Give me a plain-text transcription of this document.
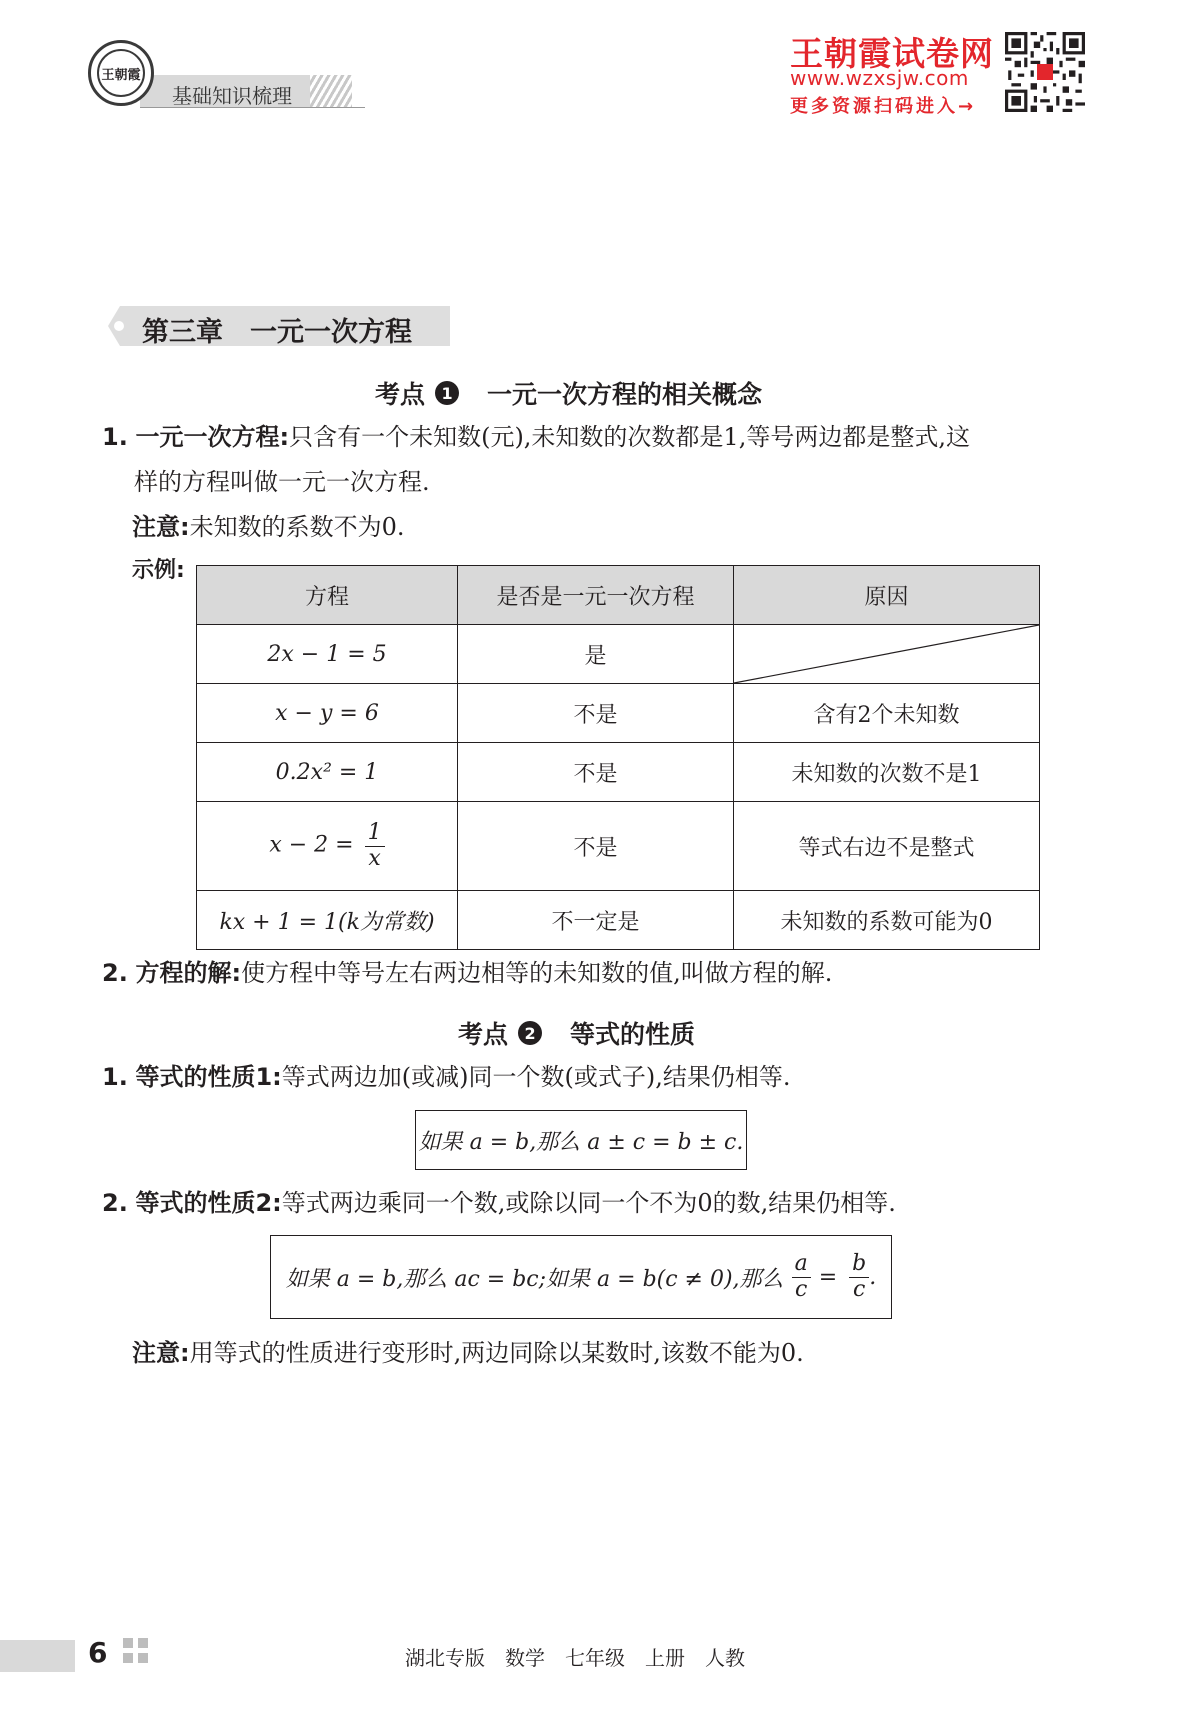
王朝霞
基础知识梳理
王朝霞试卷网
www.wzxsjw.com
更多资源扫码进入→
第三章　一元一次方程
考点	1 一元一次方程的相关概念
1. 一元一次方程:只含有一个未知数(元),未知数的次数都是1,等号两边都是整式,这
样的方程叫做一元一次方程.
注意:未知数的系数不为0.
示例:
方程	是否是一元一次方程	原因
2x − 1 = 5	是	

x − y = 6	不是	含有2个未知数
0.2x² = 1	不是	未知数的次数不是1
$x - 2 = \frac{1}{x}$	不是	等式右边不是整式
kx + 1 = 1(k为常数)	不一定是	未知数的系数可能为0
2. 方程的解:使方程中等号左右两边相等的未知数的值,叫做方程的解.
考点	2 等式的性质
1. 等式的性质1:等式两边加(或减)同一个数(或式子),结果仍相等.
如果 a = b,那么 a ± c = b ± c.
2. 等式的性质2:等式两边乘同一个数,或除以同一个不为0的数,结果仍相等.
如果 a = b,那么 ac = bc;如果 a = b(c ≠ 0),那么 $\frac{a}{c} = \frac{b}{c}$ .
注意:用等式的性质进行变形时,两边同除以某数时,该数不能为0.
6	湖北专版　数学　七年级　上册　人教
